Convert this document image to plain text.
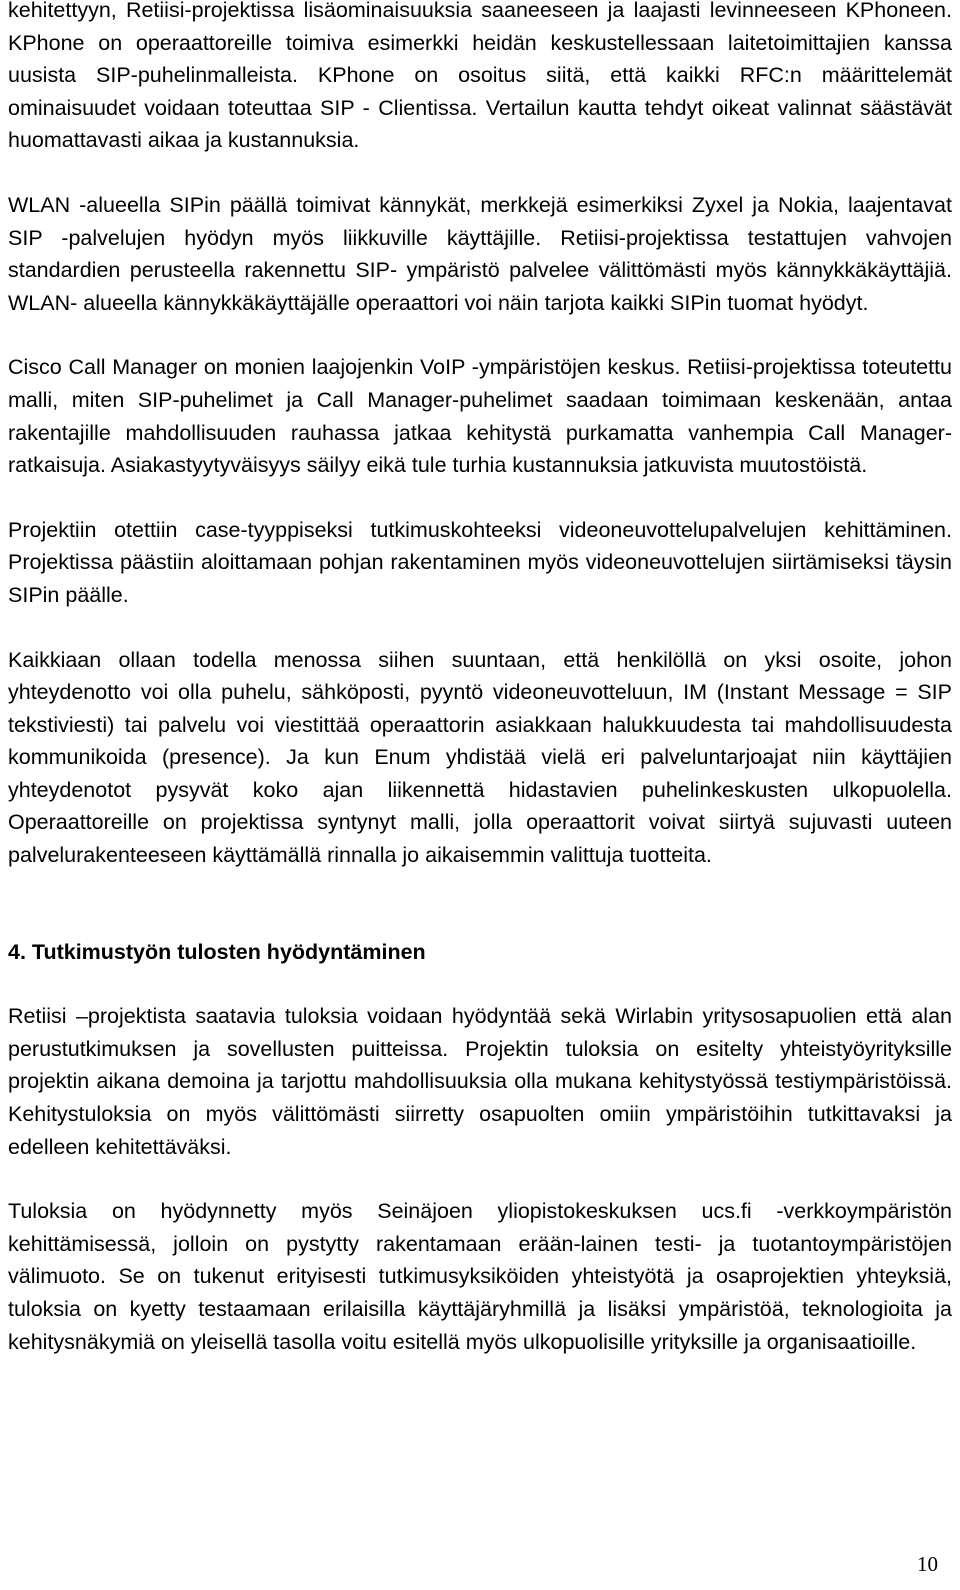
kehitettyyn, Retiisi-projektissa lisäominaisuuksia saaneeseen ja laajasti levinneeseen KPhoneen. KPhone on operaattoreille toimiva esimerkki heidän keskustellessaan laitetoimittajien kanssa uusista SIP-puhelinmalleista. KPhone on osoitus siitä, että kaikki RFC:n määrittelemät ominaisuudet voidaan toteuttaa SIP - Clientissa. Vertailun kautta tehdyt oikeat valinnat säästävät huomattavasti aikaa ja kustannuksia.

WLAN -alueella SIPin päällä toimivat kännykät, merkkejä esimerkiksi Zyxel ja Nokia, laajentavat SIP -palvelujen hyödyn myös liikkuville käyttäjille. Retiisi-projektissa testattujen vahvojen standardien perusteella rakennettu SIP- ympäristö palvelee välittömästi myös kännykkäkäyttäjiä. WLAN- alueella kännykkäkäyttäjälle operaattori voi näin tarjota kaikki SIPin tuomat hyödyt.

Cisco Call Manager on monien laajojenkin VoIP -ympäristöjen keskus. Retiisi-projektissa toteutettu malli, miten SIP-puhelimet ja Call Manager-puhelimet saadaan toimimaan keskenään, antaa rakentajille mahdollisuuden rauhassa jatkaa kehitystä purkamatta vanhempia Call Manager-ratkaisuja. Asiakastyytyväisyys säilyy eikä tule turhia kustannuksia jatkuvista muutostöistä.

Projektiin otettiin case-tyyppiseksi tutkimuskohteeksi videoneuvottelupalvelujen kehittäminen. Projektissa päästiin aloittamaan pohjan rakentaminen myös videoneuvottelujen siirtämiseksi täysin SIPin päälle.

Kaikkiaan ollaan todella menossa siihen suuntaan, että henkilöllä on yksi osoite, johon yhteydenotto voi olla puhelu, sähköposti, pyyntö videoneuvotteluun, IM (Instant Message = SIP tekstiviesti) tai palvelu voi viestittää operaattorin asiakkaan halukkuudesta tai mahdollisuudesta kommunikoida (presence). Ja kun Enum yhdistää vielä eri palveluntarjoajat niin käyttäjien yhteydenotot pysyvät koko ajan liikennettä hidastavien puhelinkeskusten ulkopuolella. Operaattoreille on projektissa syntynyt malli, jolla operaattorit voivat siirtyä sujuvasti uuteen palvelurakenteeseen käyttämällä rinnalla jo aikaisemmin valittuja tuotteita.

4. Tutkimustyön tulosten hyödyntäminen

Retiisi –projektista saatavia tuloksia voidaan hyödyntää sekä Wirlabin yritysosapuolien että alan perustutkimuksen ja sovellusten puitteissa. Projektin tuloksia on esitelty yhteistyöyrityksille projektin aikana demoina ja tarjottu mahdollisuuksia olla mukana kehitystyössä testiympäristöissä. Kehitystuloksia on myös välittömästi siirretty osapuolten omiin ympäristöihin tutkittavaksi ja edelleen kehitettäväksi.

Tuloksia on hyödynnetty myös Seinäjoen yliopistokeskuksen ucs.fi -verkkoympäristön kehittämisessä, jolloin on pystytty rakentamaan erään-lainen testi- ja tuotantoympäristöjen välimuoto. Se on tukenut erityisesti tutkimusyksiköiden yhteistyötä ja osaprojektien yhteyksiä, tuloksia on kyetty testaamaan erilaisilla käyttäjäryhmillä ja lisäksi ympäristöä, teknologioita ja kehitysnäkymiä on yleisellä tasolla voitu esitellä myös ulkopuolisille yrityksille ja organisaatioille.

10
